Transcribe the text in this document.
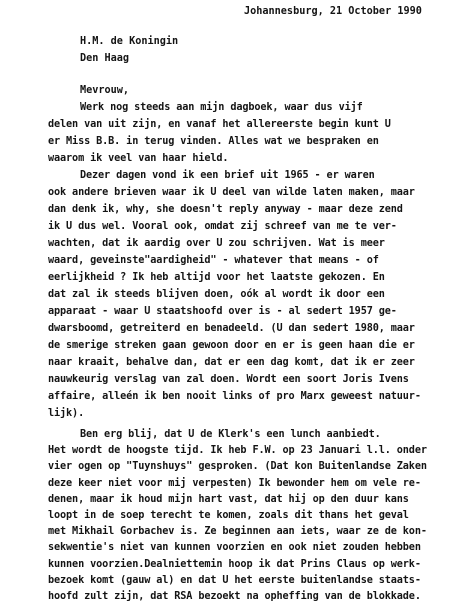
Johannesburg, 21 October 1990
H.M. de Koningin
Den Haag
Mevrouw,
Werk nog steeds aan mijn dagboek, waar dus vijf
delen van uit zijn, en vanaf het allereerste begin kunt U
er Miss B.B. in terug vinden. Alles wat we bespraken en
waarom ik veel van haar hield.
Dezer dagen vond ik een brief uit 1965 - er waren
ook andere brieven waar ik U deel van wilde laten maken, maar
dan denk ik, why, she doesn't reply anyway - maar deze zend
ik U dus wel. Vooral ook, omdat zij schreef van me te ver-
wachten, dat ik aardig over U zou schrijven. Wat is meer
waard, geveinste"aardigheid" - whatever that means - of
eerlijkheid ? Ik heb altijd voor het laatste gekozen. En
dat zal ik steeds blijven doen, oók al wordt ik door een
apparaat - waar U staatshoofd over is - al sedert 1957 ge-
dwarsboomd, getreiterd en benadeeld. (U dan sedert 1980, maar
de smerige streken gaan gewoon door en er is geen haan die er
naar kraait, behalve dan, dat er een dag komt, dat ik er zeer
nauwkeurig verslag van zal doen. Wordt een soort Joris Ivens
affaire, alleén ik ben nooit links of pro Marx geweest natuur-
lijk).
Ben erg blij, dat U de Klerk's een lunch aanbiedt.
Het wordt de hoogste tijd. Ik heb F.W. op 23 Januari l.l. onder
vier ogen op "Tuynshuys" gesproken. (Dat kon Buitenlandse Zaken
deze keer niet voor mij verpesten) Ik bewonder hem om vele re-
denen, maar ik houd mijn hart vast, dat hij op den duur kans
loopt in de soep terecht te komen, zoals dit thans het geval
met Mikhail Gorbachev is. Ze beginnen aan iets, waar ze de kon-
sekwentie's niet van kunnen voorzien en ook niet zouden hebben
kunnen voorzien.Dealniettemin hoop ik dat Prins Claus op werk-
bezoek komt (gauw al) en dat U het eerste buitenlandse staats-
hoofd zult zijn, dat RSA bezoekt na opheffing van de blokkade.
